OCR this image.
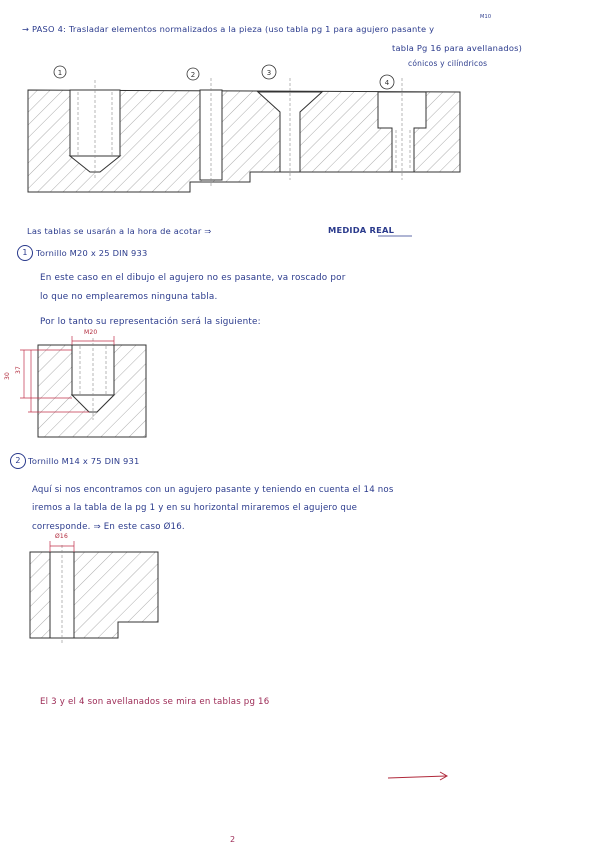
→ PASO 4: Trasladar elementos normalizados a la pieza (uso tabla pg 1 para agujero pasante y
M10
tabla Pg 16 para avellanados)
cónicos y cilíndricos
1	2	3
4
Las tablas se usarán a la hora de acotar ⇒	MEDIDA REAL
1	Tornillo M20 x 25 DIN 933
En este caso en el dibujo el agujero no es pasante, va roscado por
lo que no emplearemos ninguna tabla.
Por lo tanto su representación será la siguiente:
M20
30
37
2 Tornillo M14 x 75 DIN 931
Aquí si nos encontramos con un agujero pasante y teniendo en cuenta el 14 nos
iremos a la tabla de la pg 1 y en su horizontal miraremos el agujero que
corresponde. ⇒ En este caso Ø16.
Ø16
El 3 y el 4 son avellanados se mira en tablas pg 16
2
